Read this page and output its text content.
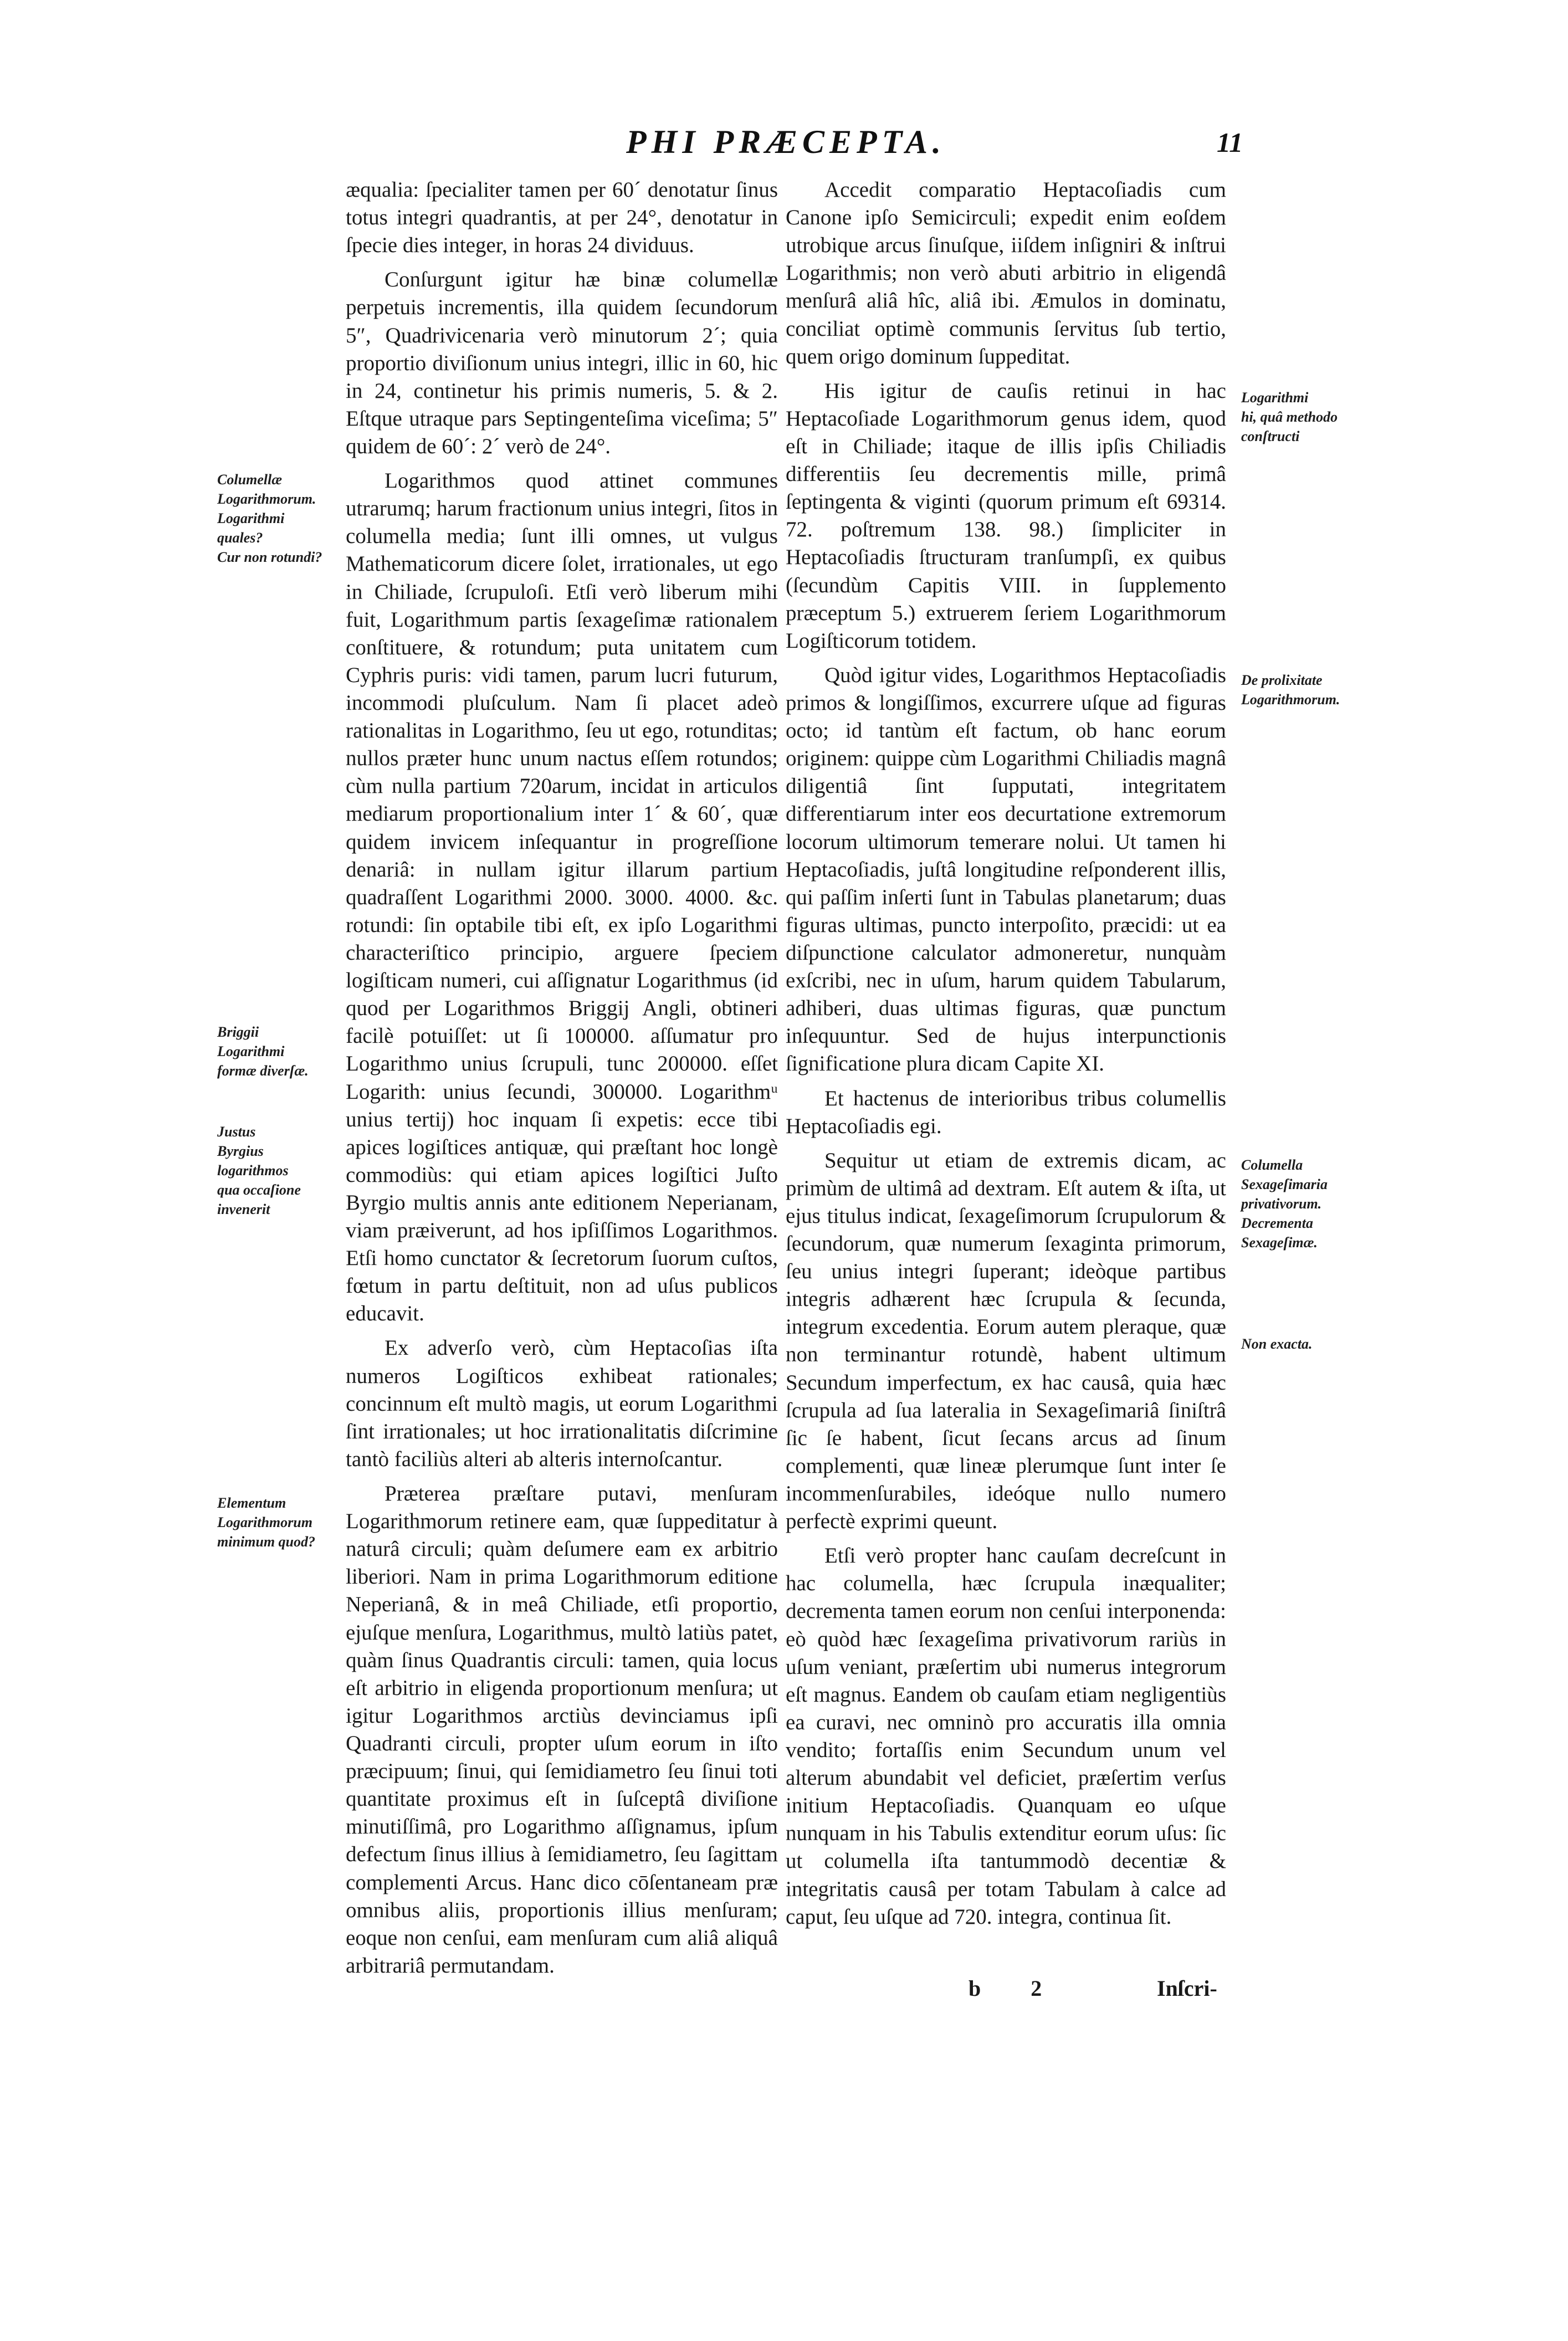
PHI PRÆCEPTA.	11
Columellæ
Logarithmorum.
Logarithmi
quales?
Cur non rotundi?
Briggii
Logarithmi
formæ diverſæ.
Justus
Byrgius
logarithmos
qua occaſione invenerit
Elementum
Logarithmorum minimum quod?

æqualia: ſpecialiter tamen per 60´ denotatur ſinus totus integri quadrantis, at per 24°, denotatur in ſpecie dies integer, in horas 24 dividuus.

Conſurgunt igitur hæ binæ columellæ perpetuis incrementis, illa quidem ſecundorum 5″, Quadrivicenaria verò minutorum 2´; quia proportio diviſionum unius integri, illic in 60, hic in 24, continetur his primis numeris, 5. & 2. Eſtque utraque pars Septingenteſima viceſima; 5″ quidem de 60´: 2´ verò de 24°.

Logarithmos quod attinet communes utrarumq; harum fractionum unius integri, ſitos in columella media; ſunt illi omnes, ut vulgus Mathematicorum dicere ſolet, irrationales, ut ego in Chiliade, ſcrupuloſi. Etſi verò liberum mihi fuit, Logarithmum partis ſexageſimæ rationalem conſtituere, & rotundum; puta unitatem cum Cyphris puris: vidi tamen, parum lucri futurum, incommodi pluſculum. Nam ſi placet adeò rationalitas in Logarithmo, ſeu ut ego, rotunditas; nullos præter hunc unum nactus eſſem rotundos; cùm nulla partium 720arum, incidat in articulos mediarum proportionalium inter 1´ & 60´, quæ quidem invicem inſequantur in progreſſione denariâ: in nullam igitur illarum partium quadraſſent Logarithmi 2000. 3000. 4000. &c. rotundi: ſin optabile tibi eſt, ex ipſo Logarithmi characteriſtico principio, arguere ſpeciem logiſticam numeri, cui aſſignatur Logarithmus (id quod per Logarithmos Briggij Angli, obtineri facilè potuiſſet: ut ſi 100000. aſſumatur pro Logarithmo unius ſcrupuli, tunc 200000. eſſet Logarith: unius ſecundi, 300000. Logarithmᵘ unius tertij) hoc inquam ſi expetis: ecce tibi apices logiſtices antiquæ, qui præſtant hoc longè commodiùs: qui etiam apices logiſtici Juſto Byrgio multis annis ante editionem Neperianam, viam præiverunt, ad hos ipſiſſimos Logarithmos. Etſi homo cunctator & ſecretorum ſuorum cuſtos, fœtum in partu deſtituit, non ad uſus publicos educavit.

Ex adverſo verò, cùm Heptacoſias iſta numeros Logiſticos exhibeat rationales; concinnum eſt multò magis, ut eorum Logarithmi ſint irrationales; ut hoc irrationalitatis diſcrimine tantò faciliùs alteri ab alteris internoſcantur.

Præterea præſtare putavi, menſuram Logarithmorum retinere eam, quæ ſuppeditatur à naturâ circuli; quàm deſumere eam ex arbitrio liberiori. Nam in prima Logarithmorum editione Neperianâ, & in meâ Chiliade, etſi proportio, ejuſque menſura, Logarithmus, multò latiùs patet, quàm ſinus Quadrantis circuli: tamen, quia locus eſt arbitrio in eligenda proportionum menſura; ut igitur Logarithmos arctiùs devinciamus ipſi Quadranti circuli, propter uſum eorum in iſto præcipuum; ſinui, qui ſemidiametro ſeu ſinui toti quantitate proximus eſt in ſuſceptâ diviſione minutiſſimâ, pro Logarithmo aſſignamus, ipſum defectum ſinus illius à ſemidiametro, ſeu ſagittam complementi Arcus. Hanc dico cōſentaneam præ omnibus aliis, proportionis illius menſuram; eoque non cenſui, eam menſuram cum aliâ aliquâ arbitrariâ permutandam.

Accedit comparatio Heptacoſiadis cum Canone ipſo Semicirculi; expedit enim eoſdem utrobique arcus ſinuſque, iiſdem inſigniri & inſtrui Logarithmis; non verò abuti arbitrio in eligendâ menſurâ aliâ hîc, aliâ ibi. Æmulos in dominatu, conciliat optimè communis ſervitus ſub tertio, quem origo dominum ſuppeditat.

His igitur de cauſis retinui in hac Heptacoſiade Logarithmorum genus idem, quod eſt in Chiliade; itaque de illis ipſis Chiliadis differentiis ſeu decrementis mille, primâ ſeptingenta & viginti (quorum primum eſt 69314. 72. poſtremum 138. 98.) ſimpliciter in Heptacoſiadis ſtructuram tranſumpſi, ex quibus (ſecundùm Capitis VIII. in ſupplemento præceptum 5.) extruerem ſeriem Logarithmorum Logiſticorum totidem.

Quòd igitur vides, Logarithmos Heptacoſiadis primos & longiſſimos, excurrere uſque ad figuras octo; id tantùm eſt factum, ob hanc eorum originem: quippe cùm Logarithmi Chiliadis magnâ diligentiâ ſint ſupputati, integritatem differentiarum inter eos decurtatione extremorum locorum ultimorum temerare nolui. Ut tamen hi Heptacoſiadis, juſtâ longitudine reſponderent illis, qui paſſim inſerti ſunt in Tabulas planetarum; duas figuras ultimas, puncto interpoſito, præcidi: ut ea diſpunctione calculator admoneretur, nunquàm exſcribi, nec in uſum, harum quidem Tabularum, adhiberi, duas ultimas figuras, quæ punctum inſequuntur. Sed de hujus interpunctionis ſignificatione plura dicam Capite XI.

Et hactenus de interioribus tribus columellis Heptacoſiadis egi.

Sequitur ut etiam de extremis dicam, ac primùm de ultimâ ad dextram. Eſt autem & iſta, ut ejus titulus indicat, ſexageſimorum ſcrupulorum & ſecundorum, quæ numerum ſexaginta primorum, ſeu unius integri ſuperant; ideòque partibus integris adhærent hæc ſcrupula & ſecunda, integrum excedentia. Eorum autem pleraque, quæ non terminantur rotundè, habent ultimum Secundum imperfectum, ex hac causâ, quia hæc ſcrupula ad ſua lateralia in Sexageſimariâ ſiniſtrâ ſic ſe habent, ſicut ſecans arcus ad ſinum complementi, quæ lineæ plerumque ſunt inter ſe incommenſurabiles, ideóque nullo numero perfectè exprimi queunt.

Etſi verò propter hanc cauſam decreſcunt in hac columella, hæc ſcrupula inæqualiter; decrementa tamen eorum non cenſui interponenda: eò quòd hæc ſexageſima privativorum rariùs in uſum veniant, præſertim ubi numerus integrorum eſt magnus. Eandem ob cauſam etiam negligentiùs ea curavi, nec omninò pro accuratis illa omnia vendito; fortaſſis enim Secundum unum vel alterum abundabit vel deficiet, præſertim verſus initium Heptacoſiadis. Quanquam eo uſque nunquam in his Tabulis extenditur eorum uſus: ſic ut columella iſta tantummodò decentiæ & integritatis causâ per totam Tabulam à calce ad caput, ſeu uſque ad 720. integra, continua ſit.

Logarithmi
hi, quâ methodo conſtructi
De prolixitate Logarithmorum.
Columella
Sexageſimaria privativorum.
Decrementa
Sexageſimæ.
Non exacta.
b 2	Inſcri-
